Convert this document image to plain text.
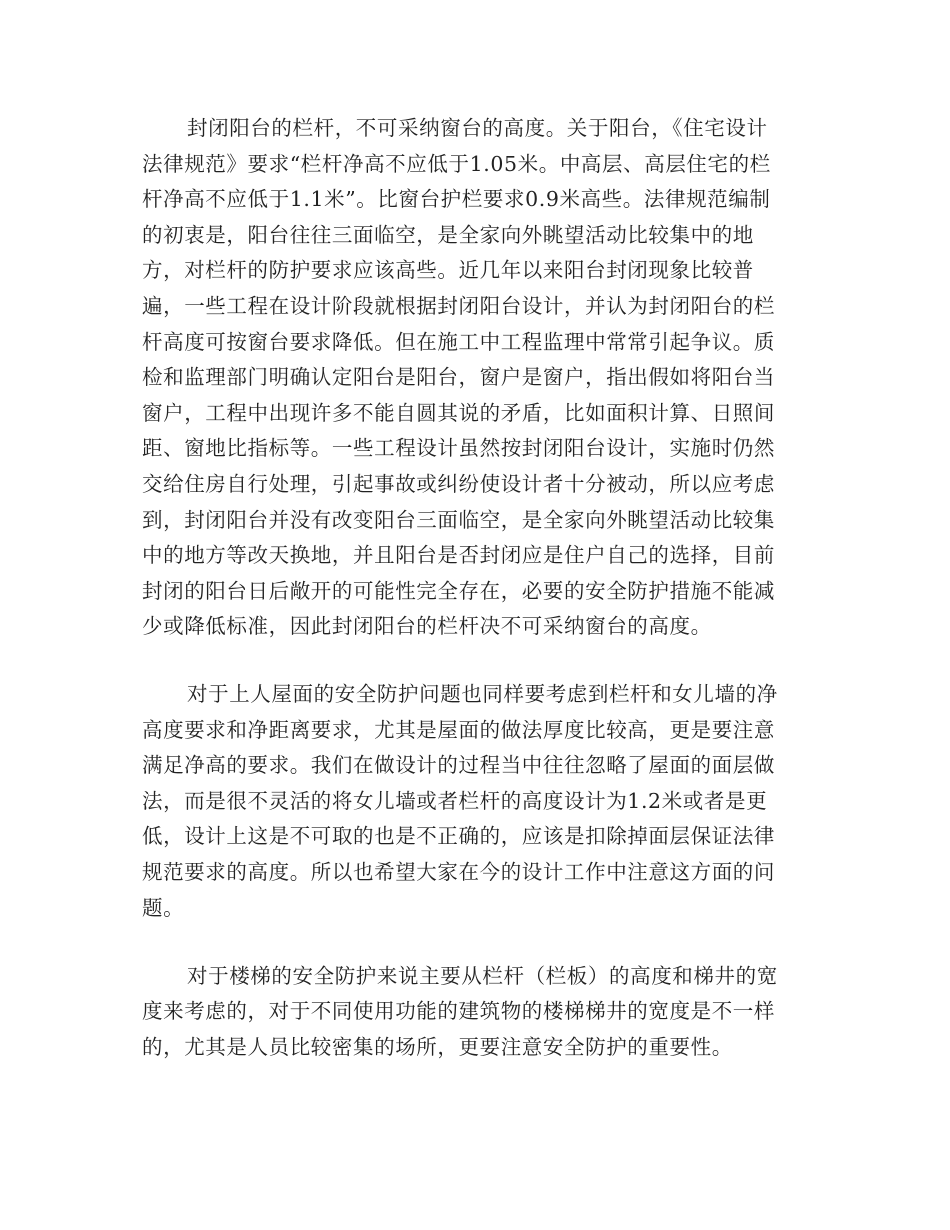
封闭阳台的栏杆，不可采纳窗台的高度。关于阳台，《住宅设计
法律规范》要求“栏杆净高不应低于1.05米。中高层、高层住宅的栏
杆净高不应低于1.1米”。比窗台护栏要求0.9米高些。法律规范编制
的初衷是，阳台往往三面临空，是全家向外眺望活动比较集中的地
方，对栏杆的防护要求应该高些。近几年以来阳台封闭现象比较普
遍，一些工程在设计阶段就根据封闭阳台设计，并认为封闭阳台的栏
杆高度可按窗台要求降低。但在施工中工程监理中常常引起争议。质
检和监理部门明确认定阳台是阳台，窗户是窗户，指出假如将阳台当
窗户，工程中出现许多不能自圆其说的矛盾，比如面积计算、日照间
距、窗地比指标等。一些工程设计虽然按封闭阳台设计，实施时仍然
交给住房自行处理，引起事故或纠纷使设计者十分被动，所以应考虑
到，封闭阳台并没有改变阳台三面临空，是全家向外眺望活动比较集
中的地方等改天换地，并且阳台是否封闭应是住户自己的选择，目前
封闭的阳台日后敞开的可能性完全存在，必要的安全防护措施不能减
少或降低标准，因此封闭阳台的栏杆决不可采纳窗台的高度。
对于上人屋面的安全防护问题也同样要考虑到栏杆和女儿墙的净
高度要求和净距离要求，尤其是屋面的做法厚度比较高，更是要注意
满足净高的要求。我们在做设计的过程当中往往忽略了屋面的面层做
法，而是很不灵活的将女儿墙或者栏杆的高度设计为1.2米或者是更
低，设计上这是不可取的也是不正确的，应该是扣除掉面层保证法律
规范要求的高度。所以也希望大家在今的设计工作中注意这方面的问
题。
对于楼梯的安全防护来说主要从栏杆（栏板）的高度和梯井的宽
度来考虑的，对于不同使用功能的建筑物的楼梯梯井的宽度是不一样
的，尤其是人员比较密集的场所，更要注意安全防护的重要性。
